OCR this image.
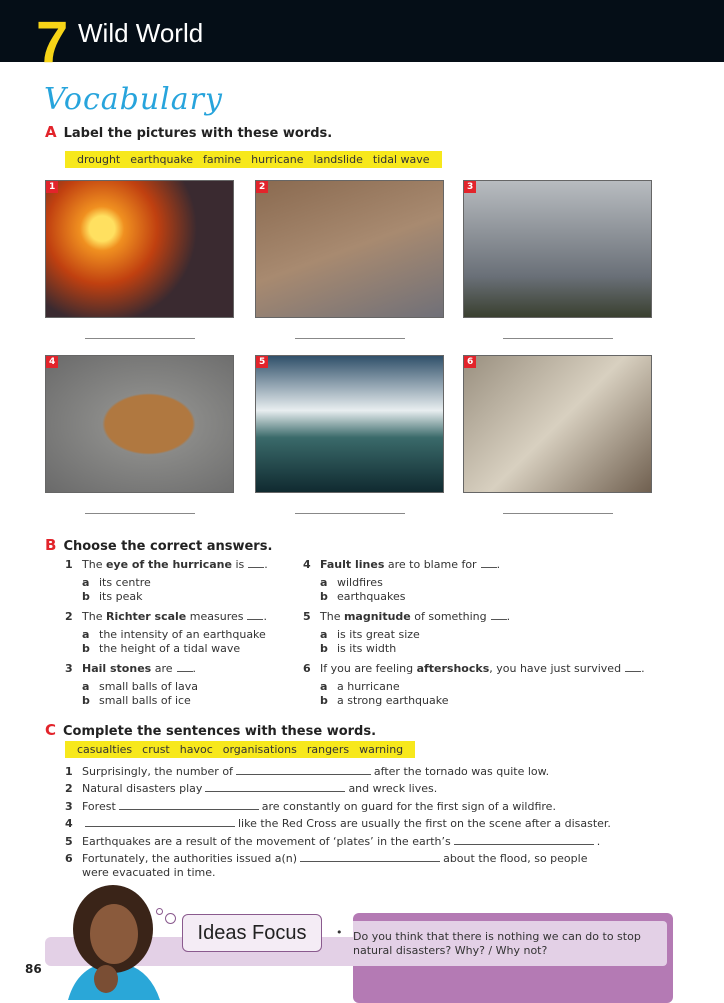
7 Wild World
Vocabulary
A Label the pictures with these words.
drought earthquake famine hurricane landslide tidal wave
1	2	3
4	5	6
B Choose the correct answers.
1 The eye of the hurricane is .
a its centre
b its peak
2 The Richter scale measures .
a the intensity of an earthquake
b the height of a tidal wave
3 Hail stones are .
a small balls of lava
b small balls of ice
4 Fault lines are to blame for .
a wildfires
b earthquakes
5 The magnitude of something .
a is its great size
b is its width
6 If you are feeling aftershocks, you have just survived .
a a hurricane
b a strong earthquake
C Complete the sentences with these words.
casualties crust havoc organisations rangers warning
1 Surprisingly, the number of	after the tornado was quite low.
2 Natural disasters play	and wreck lives.
3 Forest	are constantly on guard for the first sign of a wildfire.
4	like the Red Cross are usually the first on the scene after a disaster.
5 Earthquakes are a result of the movement of ‘plates’ in the earth’s	.
6 Fortunately, the authorities issued a(n)	about the flood, so people
were evacuated in time.
Ideas Focus	• Do you think that there is nothing we can do to stop
natural disasters? Why? / Why not?
86
